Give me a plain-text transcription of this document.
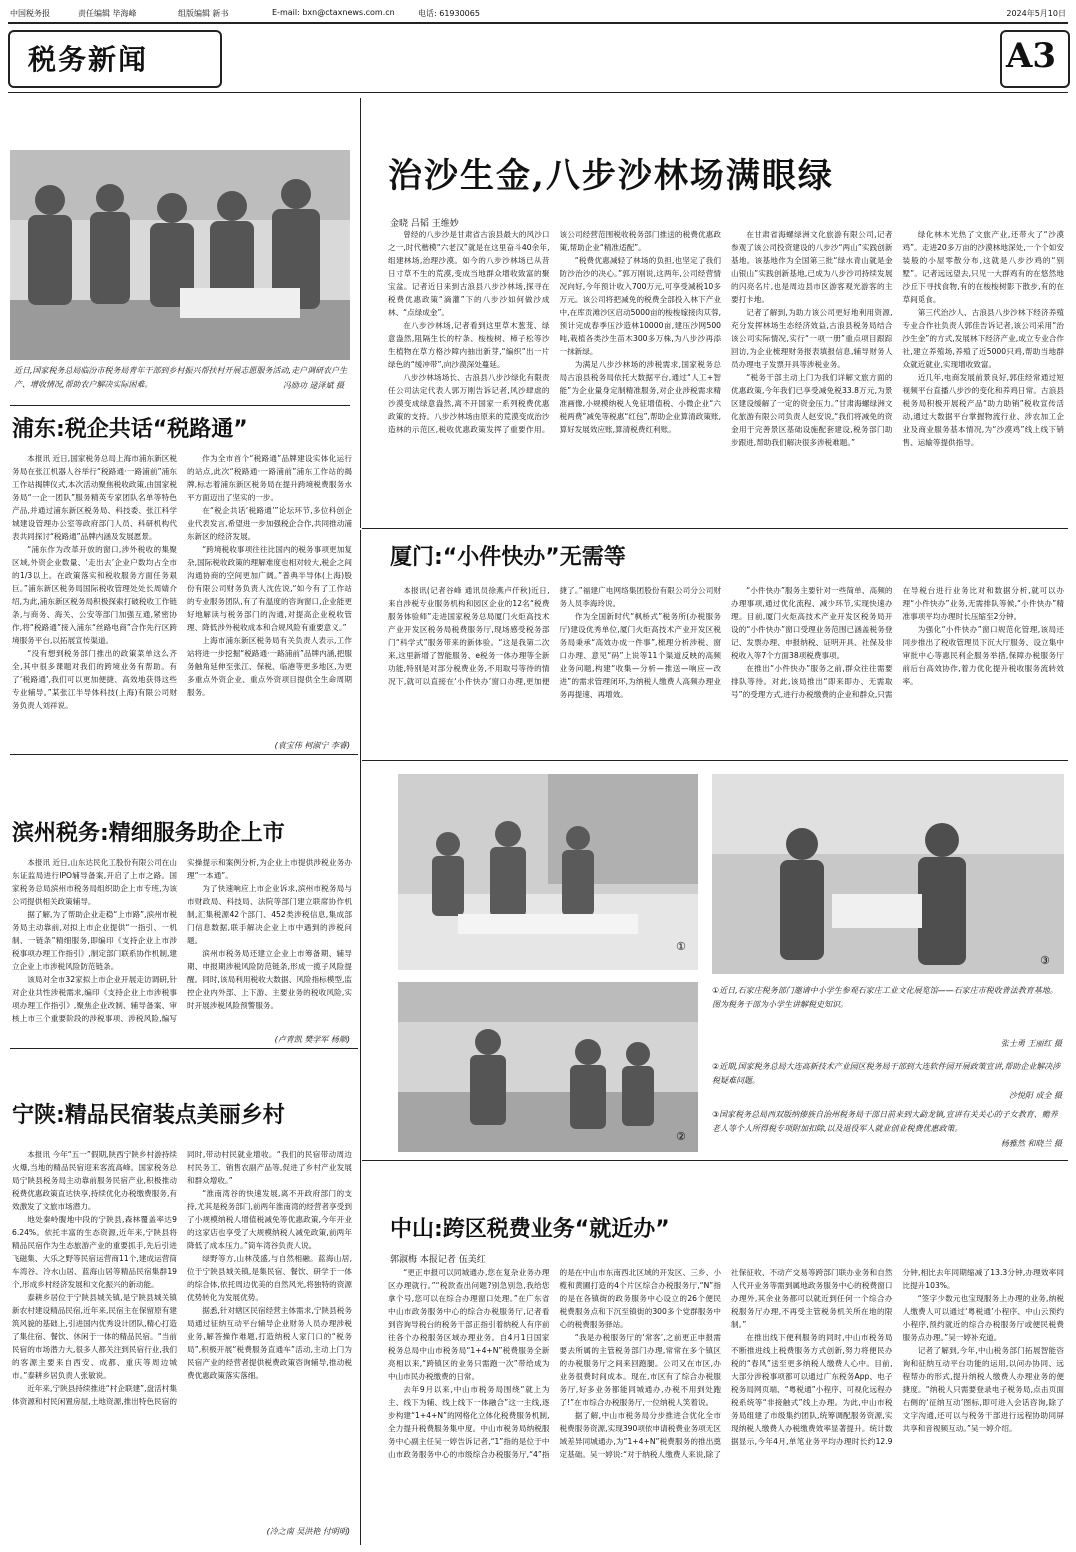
中国税务报	责任编辑 毕海峰	组版编辑 新书	E-mail: bxn@ctaxnews.com.cn	电话: 61930065	2024年5月10日
税务新闻	A3
近日,国家税务总局临汾市税务局青年干部到乡村振兴帮扶村开展志愿服务活动,走户调研农户生产、增收情况,帮助农户解决实际困难。	冯励功 逯泽斌 摄
治沙生金,八步沙林场满眼绿
金晓 吕韬 王维妙

曾经的八步沙是甘肃省古浪县最大的风沙口之一,时代楷模“六老汉”就是在这里奋斗40余年,组建林场,治理沙漠。如今的八步沙林场已从昔日寸草不生的荒漠,变成当地群众增收致富的聚宝盆。记者近日来到古浪县八步沙林场,探寻在税费优惠政策“滴灌”下的八步沙如何做沙成林、“点绿成金”。

在八步沙林场,记者看到这里草木葱茏、绿意盎然,阻隔生长的柠条、梭梭树、樟子松等沙生植物在草方格沙障内抽出新芽,“编织”出一片绿色的“缓冲带”,向沙漠深处蔓延。

八步沙林场场长、古浪县八步沙绿化有限责任公司法定代表人郭万刚告诉记者,风沙肆虐的沙漠变成绿意盎然,离不开国家一系列税费优惠政策的支持。八步沙林场由原来的荒漠变成治沙造林的示范区,税收优惠政策发挥了重要作用。该公司经营范围税收税务部门推送的税费优惠政策,帮助企业“精准适配”。

“税费优惠减轻了林场的负担,也坚定了我们防沙治沙的决心。”郭万刚说,这两年,公司经营情况向好,今年预计收入700万元,可享受减税10多万元。该公司将把减免的税费全部投入林下产业中,在库贡滩沙区启动5000亩的梭梭嫁接肉苁蓉,预计完成春季压沙造林10000亩,建压沙网500吨,栽植各类沙生苗木300多万株,为八步沙再添一抹新绿。

为满足八步沙林场的涉税需求,国家税务总局古浪县税务局依托大数据平台,通过“人工+智能”为企业量身定制精准服务,对企业涉税需求精准画像,小规模纳税人免征增值税、小微企业“六税两费”减免等税惠“红包”,帮助企业算清政策账,算好发展效应账,算清税费红利账。

在甘肃省海螺绿洲文化旅游有限公司,记者参观了该公司投资建设的八步沙“两山”实践创新基地。该基地作为全国第三批“绿水青山就是金山银山”实践创新基地,已成为八步沙司持续发展的闪亮名片,也是周边县市区游客观光游客的主要打卡地。

记者了解到,为助力该公司更好地利用资源,充分发挥林场生态经济效益,古浪县税务局结合该公司实际情况,实行“一项一册”重点项目跟踪回访,为企业梳理财务报表填报信息,辅导财务人员办理电子发票开具等涉税业务。

“税务干部主动上门为我们详解文旅方面的优惠政策,今年我们已享受减免税33.8万元,为景区建设缓解了一定的资金压力。”甘肃海螺绿洲文化旅游有限公司负责人赵安说,“我们将减免的资金用于完善景区基础设施配套建设,税务部门助步跟进,帮助我们解决很多涉税难题。”

绿化林木光热了文旅产业,还带火了“沙漠鸡”。走进20多万亩的沙漠林地深处,一个个如安装般的小屋零散分布,这就是八步沙鸡的“别墅”。记者远远望去,只见一大群鸡有的在悠然地沙丘下寻找食物,有的在梭梭树影下散步,有的在草间觅食。

第三代治沙人、古浪县八步沙林下经济养殖专业合作社负责人郭佳告诉记者,该公司采用“治沙生金”的方式,发展林下经济产业,成立专业合作社,建立养殖场,养殖了近5000只鸡,帮助当地群众就近就业,实现增收致富。

近几年,电商发展前景良好,郭佳经常通过短视频平台直播八步沙的变化和养鸡日常。古浪县税务局积极开展税产品“助力助销”税收宣传活动,通过大数据平台掌握物流行业、涉农加工企业及商业服务基本情况,为“沙漠鸡”线上线下销售、运输等提供指导。

浦东:税企共话“税路通”

本报讯 近日,国家税务总局上海市浦东新区税务局在张江机器人谷举行“税路通·一路浦前”浦东工作站揭牌仪式,本次活动聚焦税收政策,由国家税务局“一企一团队”服务精英专家团队名单等特色产品,并通过浦东新区税务局、科技委、张江科学城建设管理办公室等政府部门人员、科研机构代表共同探讨“税路通”品牌内涵及发展愿景。

“浦东作为改革开放的窗口,涉外税收的集聚区域,外资企业数量、‘走出去’企业户数均占全市的1/3以上。在政策落实和税收服务方面任务艰巨。”浦东新区税务局国际税收管理处处长周婧介绍,为此,浦东新区税务局积极探索打破税收工作链条,与商务、海关、公安等部门加强互通,紧密协作,将“税路通”接入浦东“丝路电商”合作先行区跨境服务平台,以拓展宣传渠道。

“没有想到税务部门推出的政策菜单这么齐全,其中很多课题对我们的跨境业务有帮助。有了‘税路通’,我们可以更加便捷、高效地获得这些专业辅导。”某张江半导体科技(上海)有限公司财务负责人刘祥说。

作为全市首个“税路通”品牌建设实体化运行的站点,此次“税路通·一路浦前”浦东工作站的揭牌,标志着浦东新区税务局在提升跨境税费服务水平方面迈出了坚实的一步。

在“税企共话‘税路通’”论坛环节,多位科创企业代表发言,希望进一步加强税企合作,共同推动浦东新区的经济发展。

“跨境税收事项往往比国内的税务事项更加复杂,国际税收政策的理解难度也相对较大,税企之间沟通协商的空间更加广阔。”普典半导体(上海)股份有限公司财务负责人沈佐说,“如今有了工作站的专业服务团队,有了有温度的咨询窗口,企业能更好地解读与税务部门的沟通,对提高企业税收管理、降低涉外税收成本和合规风险有重要意义。”

上海市浦东新区税务局有关负责人表示,工作站将进一步挖掘“税路通·一路浦前”品牌内涵,把服务触角延伸至张江、保税、临港等更多地区,为更多重点外资企业、重点外资项目提供全生命周期服务。

(袁宝伟 柯淑宁 李睿)
滨州税务:精细服务助企上市

本报讯 近日,山东达民化工股份有限公司在山东证监局进行IPO辅导备案,开启了上市之路。国家税务总局滨州市税务局组织助企上市专班,为该公司提供相关政策辅导。

据了解,为了帮助企业走稳“上市路”,滨州市税务局主动靠前,对拟上市企业提供“一指引、一机制、一链条”精细服务,即编印《支持企业上市涉税事项办理工作指引》,制定部门联系协作机制,建立企业上市涉税风险防范链条。

该局对全市32家拟上市企业开展走访调研,针对企业共性涉税需求,编印《支持企业上市涉税事项办理工作指引》,聚焦企业改制、辅导备案、审核上市三个重要阶段的涉税事项、涉税风险,编写实操提示和案例分析,为企业上市提供涉税业务办理“一本通”。

为了快速响应上市企业诉求,滨州市税务局与市财政局、科技局、法院等部门建立联席协作机制,汇集税源42个部门、452类涉税信息,集成部门信息数据,联手解决企业上市中遇到的涉税问题。

滨州市税务局还建立企业上市筹备期、辅导期、申报期涉税风险防范链条,形成一揽子风险提醒。同时,该局利用税收大数据、风险指标模型,监控企业内外部、上下游、主要业务的税收风险,实时开展涉税风险预警服务。

(卢青凯 樊学军 杨顺)
宁陕:精品民宿装点美丽乡村

本报讯 今年“五一”假期,陕西宁陕乡村游持续火爆,当地的精品民宿迎来客流高峰。国家税务总局宁陕县税务局主动靠前服务民宿产业,积极推动税费优惠政策直达快享,持续优化办税缴费服务,有效激发了文旅市场潜力。

地处秦岭腹地中段的宁陕县,森林覆盖率达96.24%。依托丰富的生态资源,近年来,宁陕县将精品民宿作为生态旅游产业的重要抓手,先后引进飞磁集、大乐之野等民宿运营商11个,建成运营筒车湾谷、冷水山居、蓝海山居等精品民宿集群19个,形成乡村经济发展和文化振兴的新动能。

泰耕乡居位于宁陕县城关镇,是宁陕县城关镇新农村建设精品民宿,近年来,民宿主在保留原有建筑风貌的基础上,引进国内优秀设计团队,精心打造了集住宿、餐饮、休闲于一体的精品民宿。“当前民宿的市场潜力大,很多人都关注到民宿行业,我们的客源主要来自西安、成都、重庆等周边城市。”泰耕乡居负责人张敏说。

近年来,宁陕县持续推进“村企联建”,盘活村集体资源和村民闲置房屋,土地资源,推出特色民宿的同时,带动村民就业增收。“我们的民宿带动周边村民务工、销售农副产品等,促进了乡村产业发展和群众增收。”

“淮南湾谷的快速发展,离不开政府部门的支持,尤其是税务部门,前两年淮南湾的经营者享受到了小规模纳税人增值税减免等优惠政策,今年开业的这家店也享受了大规模纳税人减免政策,前两年降低了成本压力。”筒车湾谷负责人说。

绿野等方,山林茂盛,与自然相融。蓝海山居,位于宁陕县城关镇,是集民宿、餐饮、研学于一体的综合体,依托周边优美的自然风光,将独特的资源优势转化为发展优势。

据悉,针对辖区民宿经营主体需求,宁陕县税务局通过征纳互动平台辅导企业财务人员办理涉税业务,解答操作难题,打造纳税人家门口的“税务局”,积极开展“税费服务直通车”活动,主动上门为民宿产业的经营者提供税费政策咨询辅导,推动税费优惠政策落实落细。

(冷之南 吴洪艳 付明明)
厦门:“小件快办”无需等

本报讯(记者谷峰 通讯员徐燕卢仟秋)近日,来自涉税专业服务机构和园区企业的12名“税费服务体验师”走进国家税务总局厦门火炬高技术产业开发区税务局税费服务厅,现场感受税务部门“科学式”服务带来的新体验。“这是我第二次来,这里新增了智能服务、e税务一体办理等全新功能,特别是对部分税费业务,不用取号等待的情况下,就可以直接在‘小件快办’窗口办理,更加便捷了。”福建广电网络集团股份有限公司分公司财务人员李海玲说。

作为全国新时代“枫桥式”税务所(办税服务厅)建设优秀单位,厦门火炬高技术产业开发区税务局秉承“高效办成一件事”,梳理分析涉税、窗口办理、意见“码”上说等11个渠道反映的高频业务问题,构建“收集—分析—推送—响应—改进”的需求管理闭环,为纳税人缴费人高频办理业务再提速、再增效。

“小件快办”服务主要针对一些简单、高频的办理事项,通过优化流程、减少环节,实现快速办理。目前,厦门火炬高技术产业开发区税务局开设的“小件快办”窗口受理业务范围已涵盖税务登记、发票办理、申报纳税、证明开具、社保及非税收入等7个方面38项税费事项。

在推出“小件快办”服务之前,群众往往需要排队等待。对此,该局推出“即来即办、无需取号”的受理方式,进行办税缴费的企业和群众,只需在导税台进行业务比对和数据分析,就可以办理“小件快办”业务,无需排队等候,“小件快办”精准事项平均办理时长压缩至2分钟。

为强化“小件快办”窗口规范化管理,该局还同步推出了税收管理员下沉大厅服务、设立集中审批中心等惠民利企服务举措,保障办税服务厅前后台高效协作,着力优化提升税收服务流转效率。

①
②
③
①近日,石家庄税务部门邀请中小学生参观石家庄工业文化展览馆——石家庄市税收普法教育基地。图为税务干部为小学生讲解税史知识。
张士勇 王丽红 摄
②近期,国家税务总局大连高新技术产业园区税务局干部到大连软件园开展政策宣讲,帮助企业解决涉税疑难问题。
沙悦阳 成全 摄
③国家税务总局西双版纳傣族自治州税务局干部日前来到大勐龙镇,宣讲有关关心的子女教育、赡养老人等个人所得税专项附加扣除,以及退役军人就业创业税费优惠政策。
杨雅然 和晓兰 摄
中山:跨区税费业务“就近办”
郭淑梅 本报记者 伍美红

“更正申报可以同城通办,您在复杂业务办理区办理就行。”“税款查出问题?别急别急,我给您拿个号,您可以在综合办理窗口处理。”在广东省中山市政务服务中心的综合办税服务厅,记者看到咨询导税台的税务干部正指引着纳税人有序前往各个办税服务区域办理业务。自4月1日国家税务总局中山市税务局“1+4+N”税费服务全新亮相以来,“跨镇区的业务只需跑一次”带给成为中山市民办税缴费的日常。

去年9月以来,中山市税务局围绕“就上为主、线下为辅、线上线下一体融合”这一主线,逐步构建“1+4+N”的网格化立体化税费服务机制,全力提升税费服务集中度。中山市税务局纳税服务中心副主任吴一婷告诉记者,“1”指的是位于中山市政务服务中心的市级综合办税服务厅,“4”指的是在中山市东南西北区域的开发区、三乡、小榄和黄圃打造的4个片区综合办税服务厅,“N”指的是在各镇街的政务服务中心设立的26个便民税费服务点和下沉至镇街的300多个党群服务中心的税费服务驿站。

“我是办税服务厅的‘常客’,之前更正申报需要去所属的主管税务部门办理,常常在多个镇区的办税服务厅之间来回跑腿。公司又在市区,办业务很费时间成本。现在,市区有了综合办税服务厅,好多业务都能同城通办,办税不用到处跑了!”在市综合办税服务厅,一位纳税人笑着说。

据了解,中山市税务局分步推进合优化全市税费服务资源,实现390项依申请税费业务项无区域差异同城通办,为“1+4+N”税费服务的推出奠定基础。吴一婷说:“对于纳税人缴费人来说,除了社保征收、不动产交易等跨部门联办业务和自然人代开业务等需到属地政务服务中心的税费窗口办理外,其余业务都可以就近到任何一个综合办税服务厅办理,不再受主管税务机关所在地的限制。”

在推出线下便利服务的同时,中山市税务局不断推进线上税费服务方式创新,努力将便民办税的“春风”送至更多纳税人缴费人心中。目前,大部分涉税事项都可以通过广东税务App、电子税务局网页端、“粤税通”小程序、可视化远程办税系统等“非接触式”线上办理。为此,中山市税务局组建了市级集约团队,统筹调配服务资源,实现纳税人缴费人办税缴费效率显著提升。统计数据显示,今年4月,单笔业务平均办理时长约12.9分钟,相比去年同期缩减了13.3分钟,办理效率同比提升103%。

“签字少数元也宝现服务上办理的业务,纳税人缴费人可以通过‘粤税通’小程序、中山云预约小程序,预约就近的综合办税服务厅或便民税费服务点办理。”吴一婷补充道。

记者了解到,今年,中山税务部门拓展智能咨询和征纳互动平台功能的运用,以问办协同、远程帮办的形式,提升纳税人缴费人办理业务的便捷度。“纳税人只需要登录电子税务局,点击页面右侧的‘征纳互动’图标,即可进入会话咨询,除了文字沟通,还可以与税务干部进行远程协助同屏共享和音视频互动。”吴一婷介绍。
